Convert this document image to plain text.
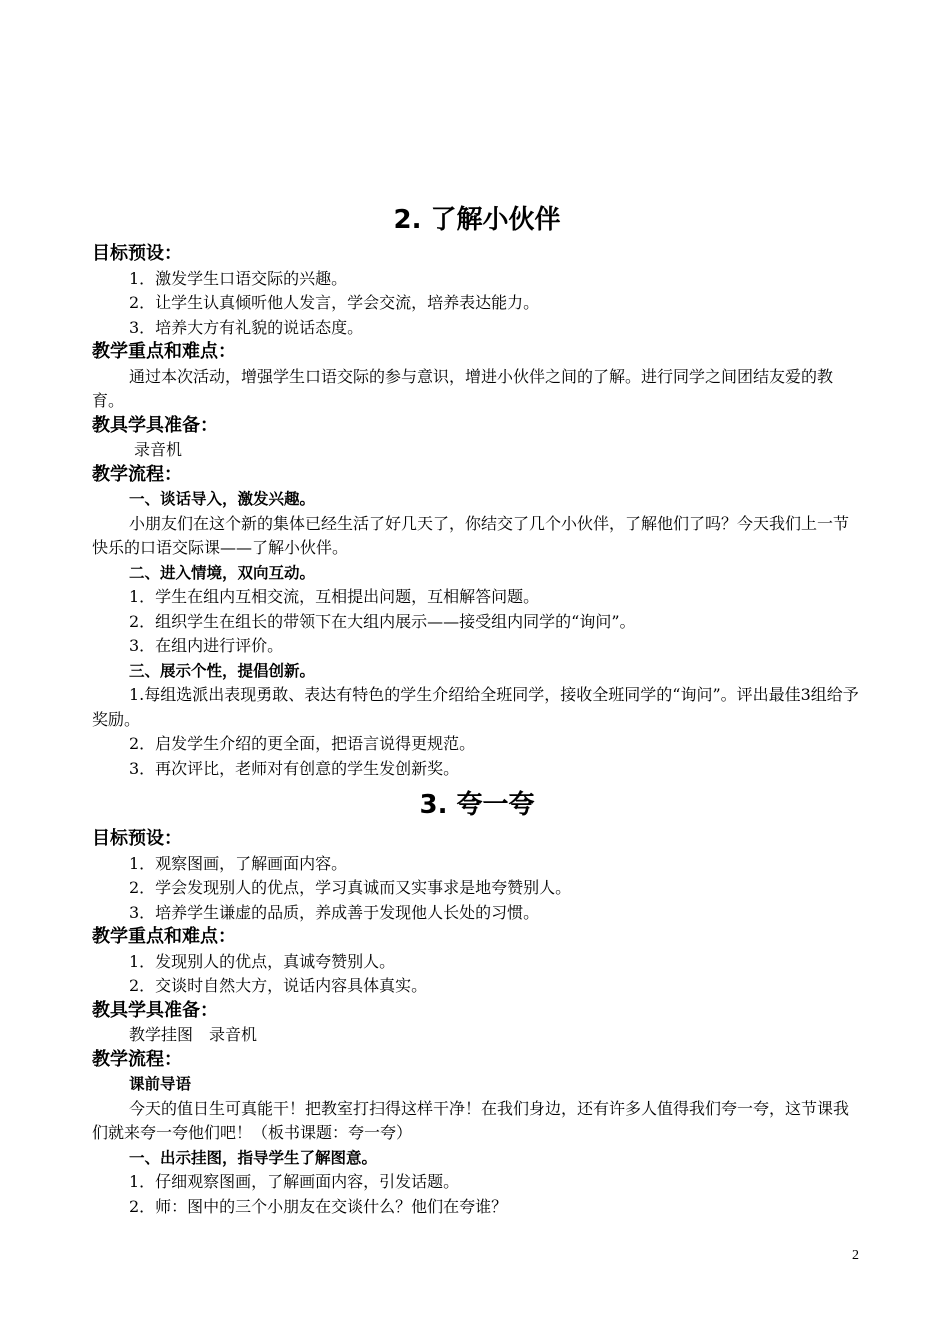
2. 了解小伙伴

目标预设：

1．激发学生口语交际的兴趣。

2．让学生认真倾听他人发言，学会交流，培养表达能力。

3．培养大方有礼貌的说话态度。

教学重点和难点：

通过本次活动，增强学生口语交际的参与意识，增进小伙伴之间的了解。进行同学之间团结友爱的教育。

教具学具准备：

录音机

教学流程：

一、谈话导入，激发兴趣。

小朋友们在这个新的集体已经生活了好几天了，你结交了几个小伙伴，了解他们了吗？今天我们上一节快乐的口语交际课——了解小伙伴。

二、进入情境，双向互动。

1．学生在组内互相交流，互相提出问题，互相解答问题。

2．组织学生在组长的带领下在大组内展示——接受组内同学的“询问”。

3．在组内进行评价。

三、展示个性，提倡创新。

1.每组选派出表现勇敢、表达有特色的学生介绍给全班同学，接收全班同学的“询问”。评出最佳3组给予奖励。

2．启发学生介绍的更全面，把语言说得更规范。

3．再次评比，老师对有创意的学生发创新奖。

3. 夸一夸

目标预设：

1．观察图画，了解画面内容。

2．学会发现别人的优点，学习真诚而又实事求是地夸赞别人。

3．培养学生谦虚的品质，养成善于发现他人长处的习惯。

教学重点和难点：

1．发现别人的优点，真诚夸赞别人。

2．交谈时自然大方，说话内容具体真实。

教具学具准备：

教学挂图　录音机

教学流程：

课前导语

今天的值日生可真能干！把教室打扫得这样干净！在我们身边，还有许多人值得我们夸一夸，这节课我们就来夸一夸他们吧！（板书课题：夸一夸）

一、出示挂图，指导学生了解图意。

1．仔细观察图画，了解画面内容，引发话题。

2．师：图中的三个小朋友在交谈什么？他们在夸谁？

2
